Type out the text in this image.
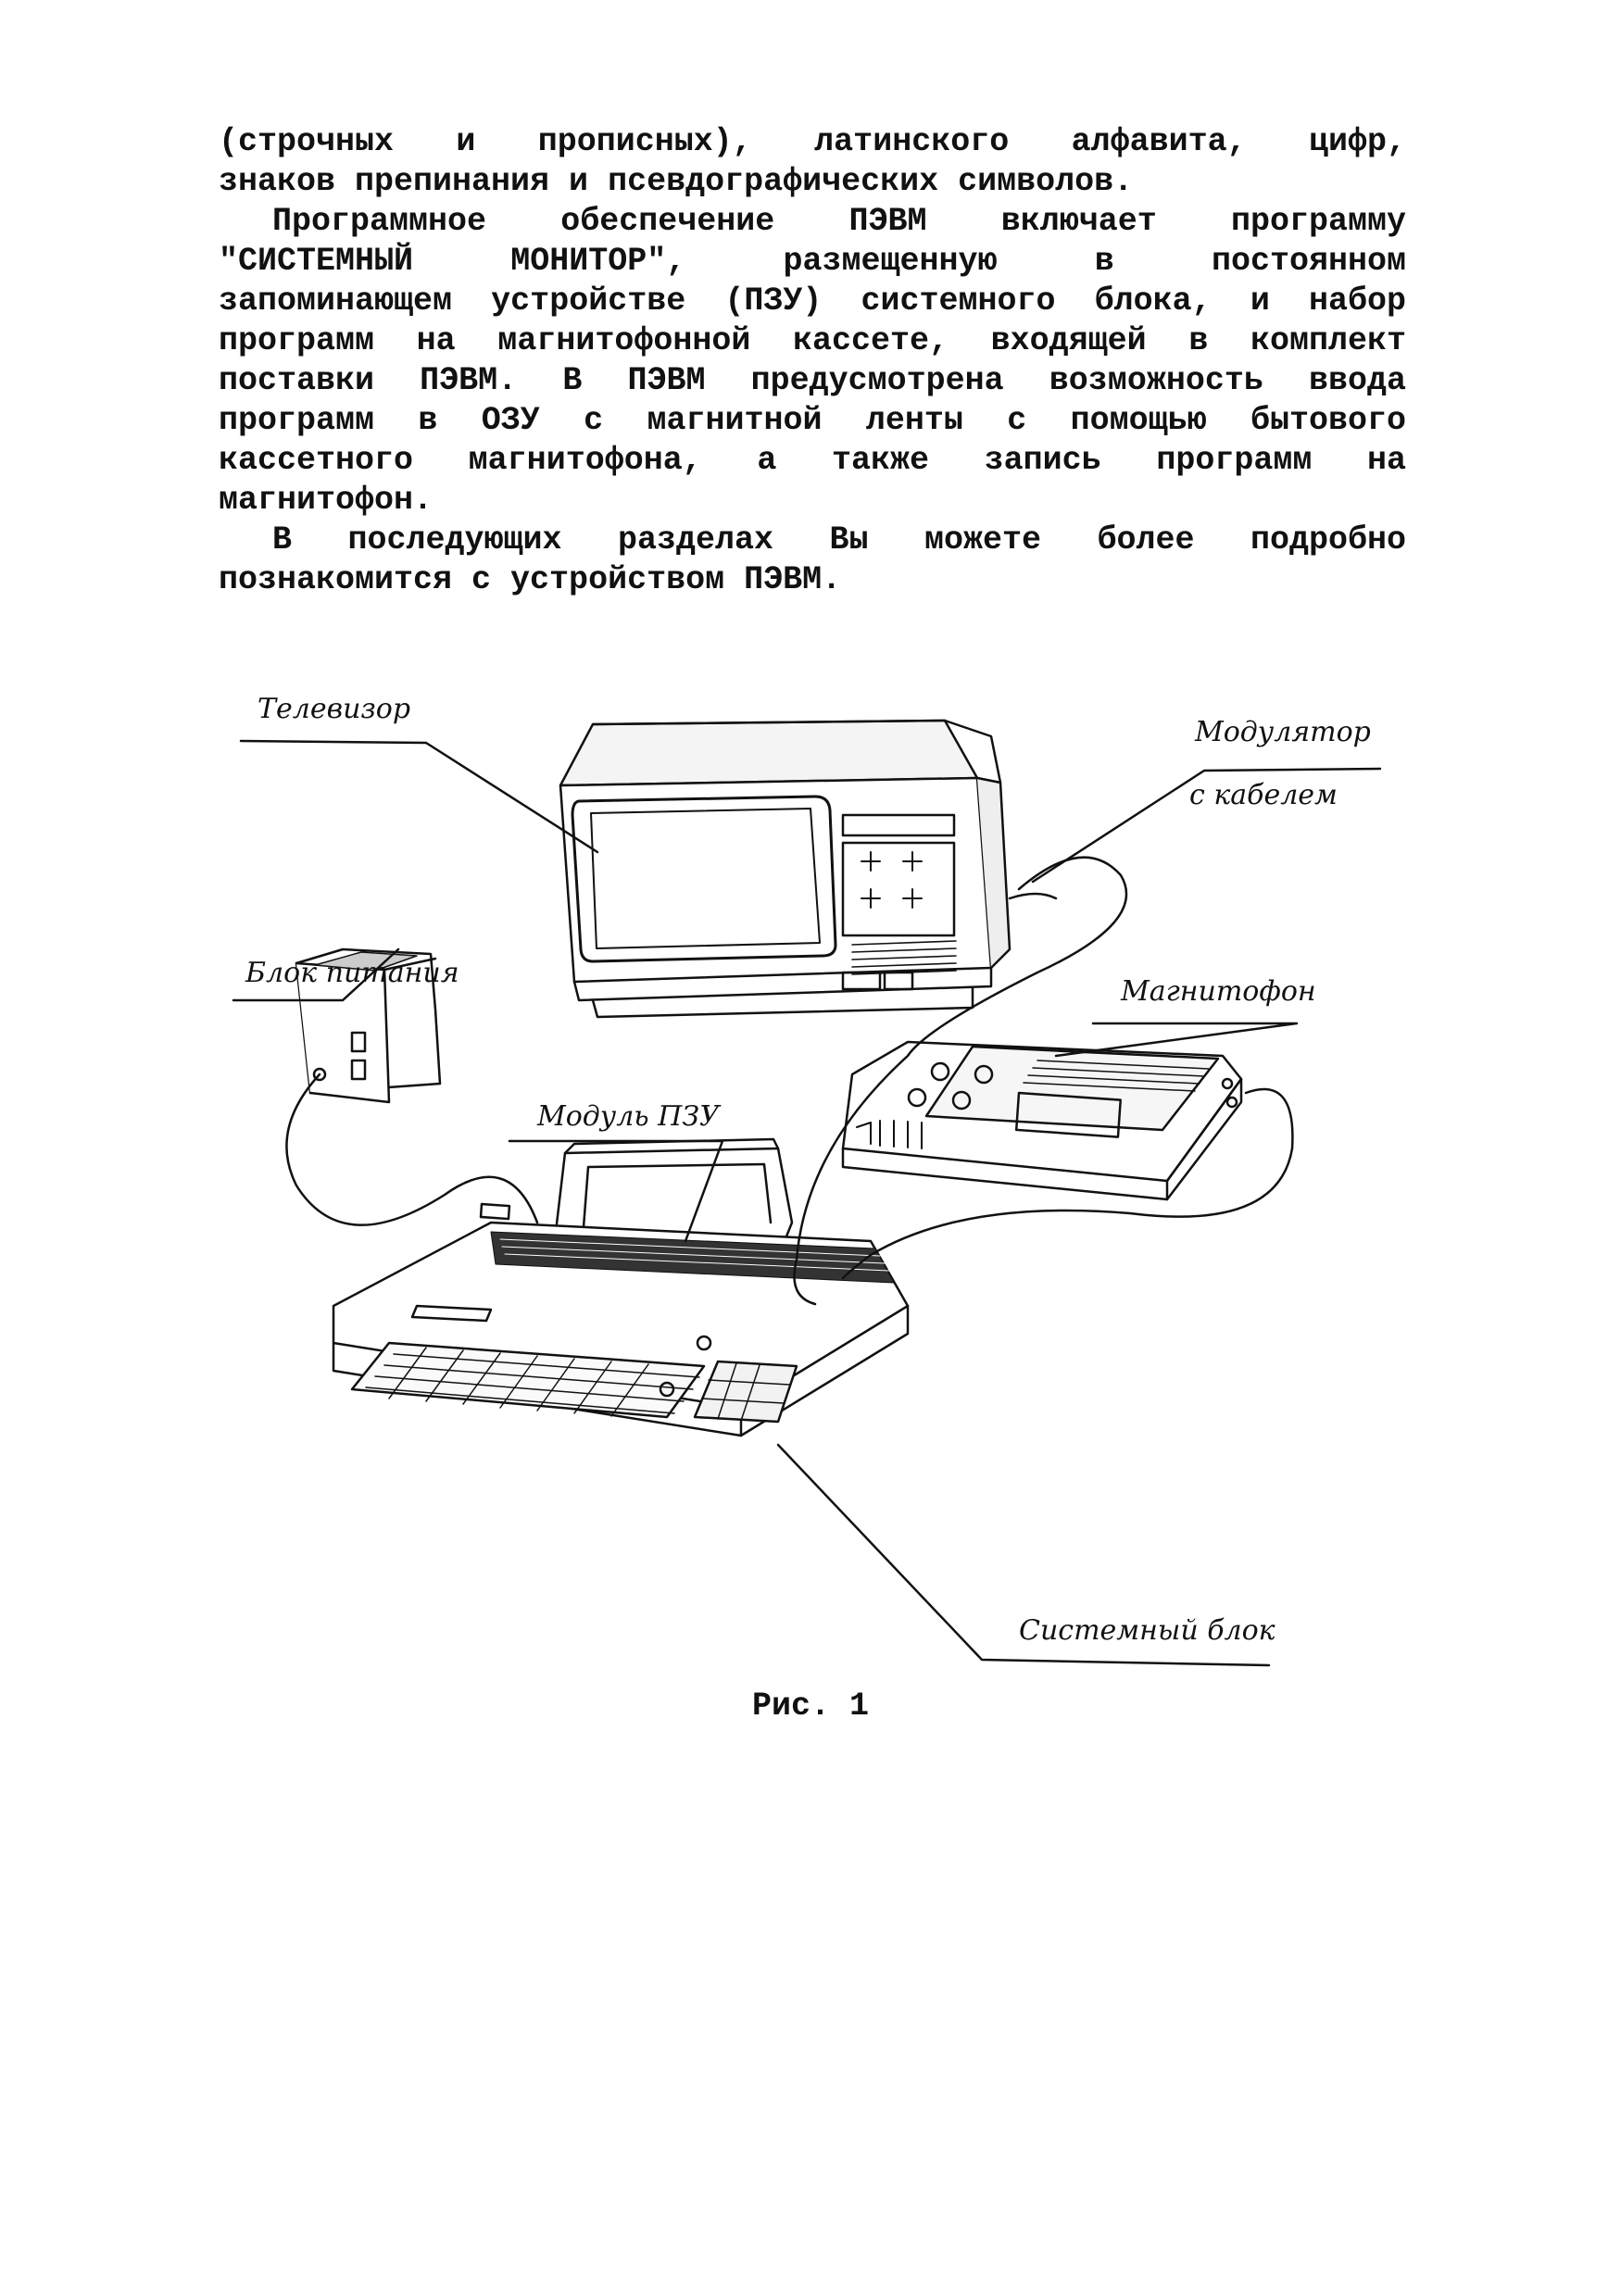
(строчных и прописных), латинского алфавита, цифр,
знаков препинания и псевдографических символов.
Программное обеспечение ПЭВМ включает программу
"СИСТЕМНЫЙ МОНИТОР", размещенную в постоянном
запоминающем устройстве (ПЗУ) системного блока, и набор
программ на магнитофонной кассете, входящей в комплект
поставки ПЭВМ. В ПЭВМ предусмотрена возможность ввода
программ в ОЗУ с магнитной ленты с помощью бытового
кассетного магнитофона, а также запись программ на
магнитофон.
В последующих разделах Вы можете более подробно
познакомится с устройством ПЭВМ.
Телевизор
Модулятор
с кабелем
Блок питания
Модуль ПЗУ
Магнитофон
Системный блок
Рис. 1
